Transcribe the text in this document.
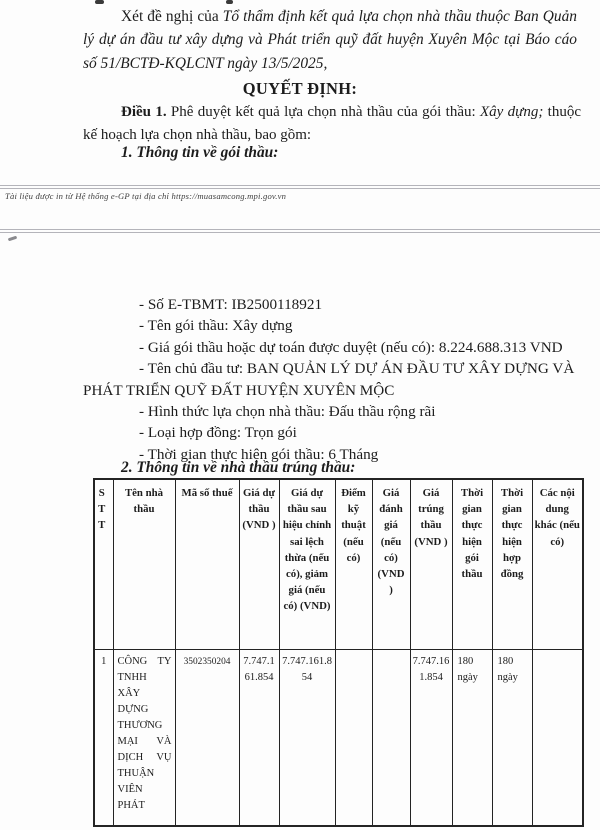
Xét đề nghị của Tổ thẩm định kết quả lựa chọn nhà thầu thuộc Ban Quản lý dự án đầu tư xây dựng và Phát triển quỹ đất huyện Xuyên Mộc tại Báo cáo số 51/BCTĐ-KQLCNT ngày 13/5/2025,

QUYẾT ĐỊNH:

Điều 1. Phê duyệt kết quả lựa chọn nhà thầu của gói thầu: Xây dựng; thuộc kế hoạch lựa chọn nhà thầu, bao gồm:

1. Thông tin về gói thầu:
Tài liệu được in từ Hệ thống e-GP tại địa chỉ https://muasamcong.mpi.gov.vn
- Số E-TBMT: IB2500118921
- Tên gói thầu: Xây dựng
- Giá gói thầu hoặc dự toán được duyệt (nếu có): 8.224.688.313 VND
- Tên chủ đầu tư: BAN QUẢN LÝ DỰ ÁN ĐẦU TƯ XÂY DỰNG VÀ PHÁT TRIỂN QUỸ ĐẤT HUYỆN XUYÊN MỘC
- Hình thức lựa chọn nhà thầu: Đấu thầu rộng rãi
- Loại hợp đồng: Trọn gói
- Thời gian thực hiện gói thầu: 6 Tháng
2. Thông tin về nhà thầu trúng thầu:
STT	Tên nhà thầu	Mã số thuế	Giá dự thầu (VND )	Giá dự thầu sau hiệu chỉnh sai lệch thừa (nếu có), giảm giá (nếu có) (VND)	Điểm kỹ thuật (nếu có)	Giá đánh giá (nếu có) (VND )	Giá trúng thầu (VND )	Thời gian thực hiện gói thầu	Thời gian thực hiện hợp đồng	Các nội dung khác (nếu có)
1	CÔNG TY TNHH XÂY DỰNG THƯƠNG MẠI VÀ DỊCH VỤ THUẬN VIÊN PHÁT	3502350204	7.747.161.854	7.747.161.854			7.747.161.854	180 ngày	180 ngày	
